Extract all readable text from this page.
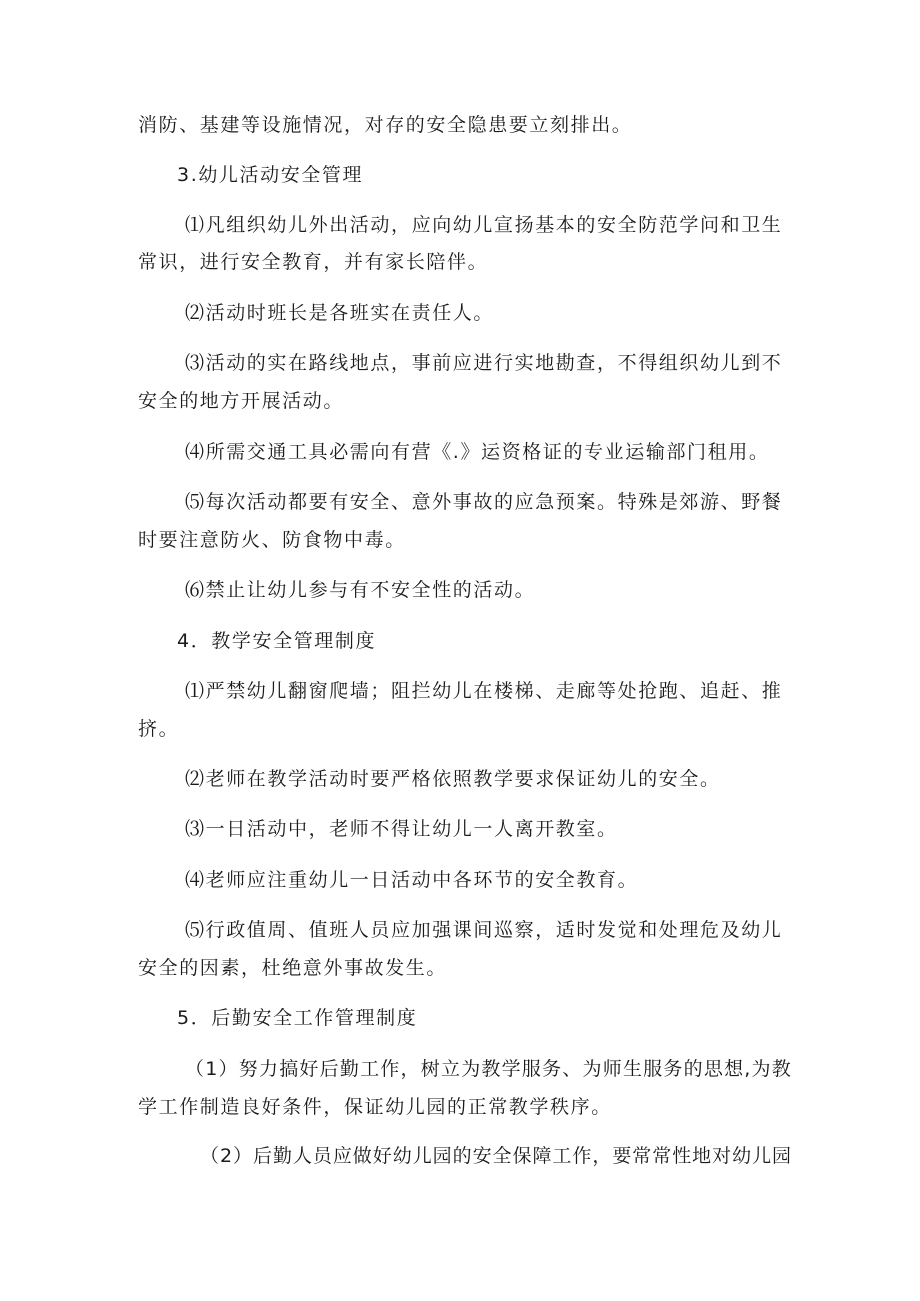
消防、基建等设施情况，对存的安全隐患要立刻排出。
3.幼儿活动安全管理
⑴凡组织幼儿外出活动，应向幼儿宣扬基本的安全防范学问和卫生
常识，进行安全教育，并有家长陪伴。
⑵活动时班长是各班实在责任人。
⑶活动的实在路线地点，事前应进行实地勘查，不得组织幼儿到不
安全的地方开展活动。
⑷所需交通工具必需向有营《.》运资格证的专业运输部门租用。
⑸每次活动都要有安全、意外事故的应急预案。特殊是郊游、野餐
时要注意防火、防食物中毒。
⑹禁止让幼儿参与有不安全性的活动。
4．教学安全管理制度
⑴严禁幼儿翻窗爬墙；阻拦幼儿在楼梯、走廊等处抢跑、追赶、推
挤。
⑵老师在教学活动时要严格依照教学要求保证幼儿的安全。
⑶一日活动中，老师不得让幼儿一人离开教室。
⑷老师应注重幼儿一日活动中各环节的安全教育。
⑸行政值周、值班人员应加强课间巡察，适时发觉和处理危及幼儿
安全的因素，杜绝意外事故发生。
5．后勤安全工作管理制度
（1）努力搞好后勤工作，树立为教学服务、为师生服务的思想,为教
学工作制造良好条件，保证幼儿园的正常教学秩序。
（2）后勤人员应做好幼儿园的安全保障工作，要常常性地对幼儿园
